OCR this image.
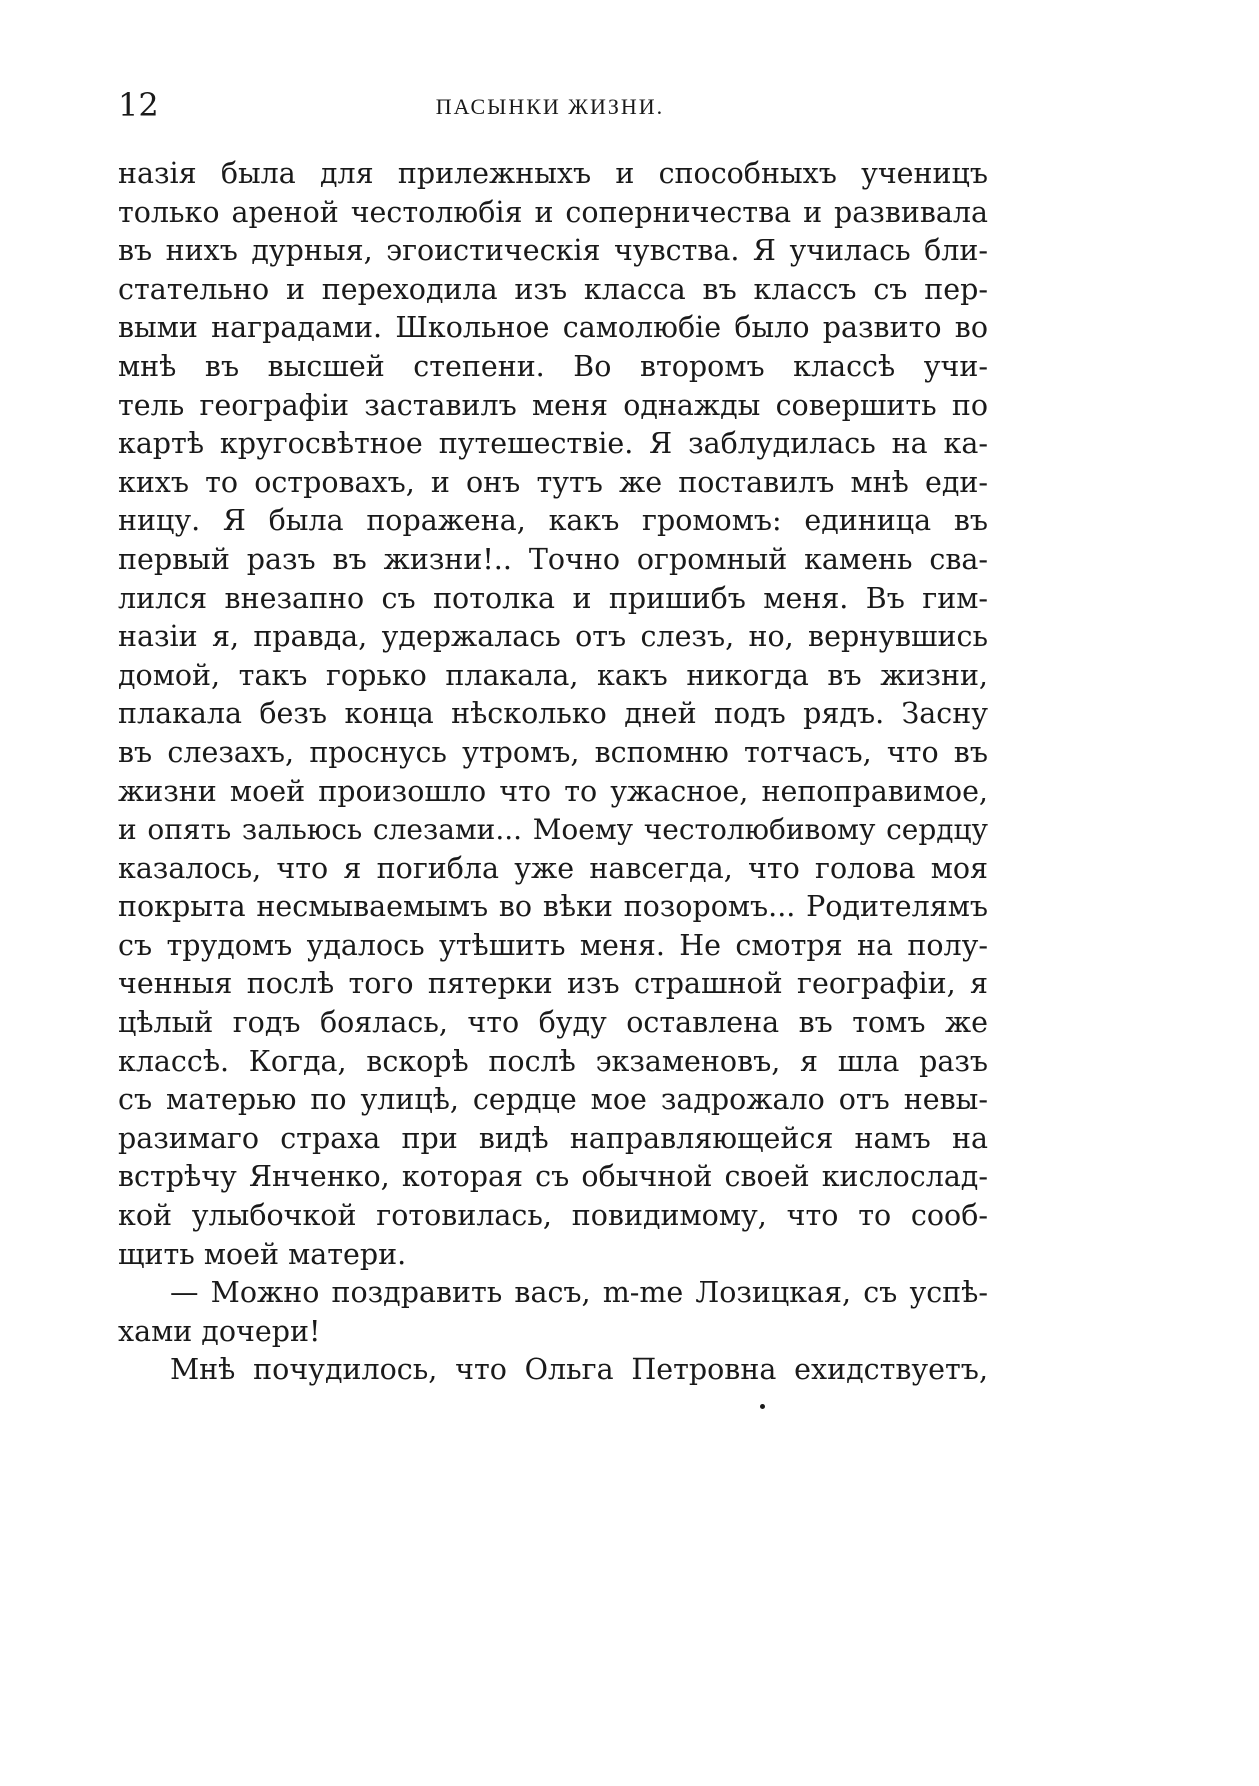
12	ПАСЫНКИ ЖИЗНИ.
назія была для прилежныхъ и способныхъ ученицъ
только ареной честолюбія и соперничества и развивала
въ нихъ дурныя, эгоистическія чувства. Я училась бли-
стательно и переходила изъ класса въ классъ съ пер-
выми наградами. Школьное самолюбіе было развито во
мнѣ въ высшей степени. Во второмъ классѣ учи-
тель географіи заставилъ меня однажды совершить по
картѣ кругосвѣтное путешествіе. Я заблудилась на ка-
кихъ то островахъ, и онъ тутъ же поставилъ мнѣ еди-
ницу. Я была поражена, какъ громомъ: единица въ
первый разъ въ жизни!.. Точно огромный камень сва-
лился внезапно съ потолка и пришибъ меня. Въ гим-
назіи я, правда, удержалась отъ слезъ, но, вернувшись
домой, такъ горько плакала, какъ никогда въ жизни,
плакала безъ конца нѣсколько дней подъ рядъ. Засну
въ слезахъ, проснусь утромъ, вспомню тотчасъ, что въ
жизни моей произошло что то ужасное, непоправимое,
и опять зальюсь слезами... Моему честолюбивому сердцу
казалось, что я погибла уже навсегда, что голова моя
покрыта несмываемымъ во вѣки позоромъ... Родителямъ
съ трудомъ удалось утѣшить меня. Не смотря на полу-
ченныя послѣ того пятерки изъ страшной географіи, я
цѣлый годъ боялась, что буду оставлена въ томъ же
классѣ. Когда, вскорѣ послѣ экзаменовъ, я шла разъ
съ матерью по улицѣ, сердце мое задрожало отъ невы-
разимаго страха при видѣ направляющейся намъ на
встрѣчу Янченко, которая съ обычной своей кислослад-
кой улыбочкой готовилась, повидимому, что то сооб-
щить моей матери.
— Можно поздравить васъ, m-me Лозицкая, съ успѣ-
хами дочери!
Мнѣ почудилось, что Ольга Петровна ехидствуетъ,
